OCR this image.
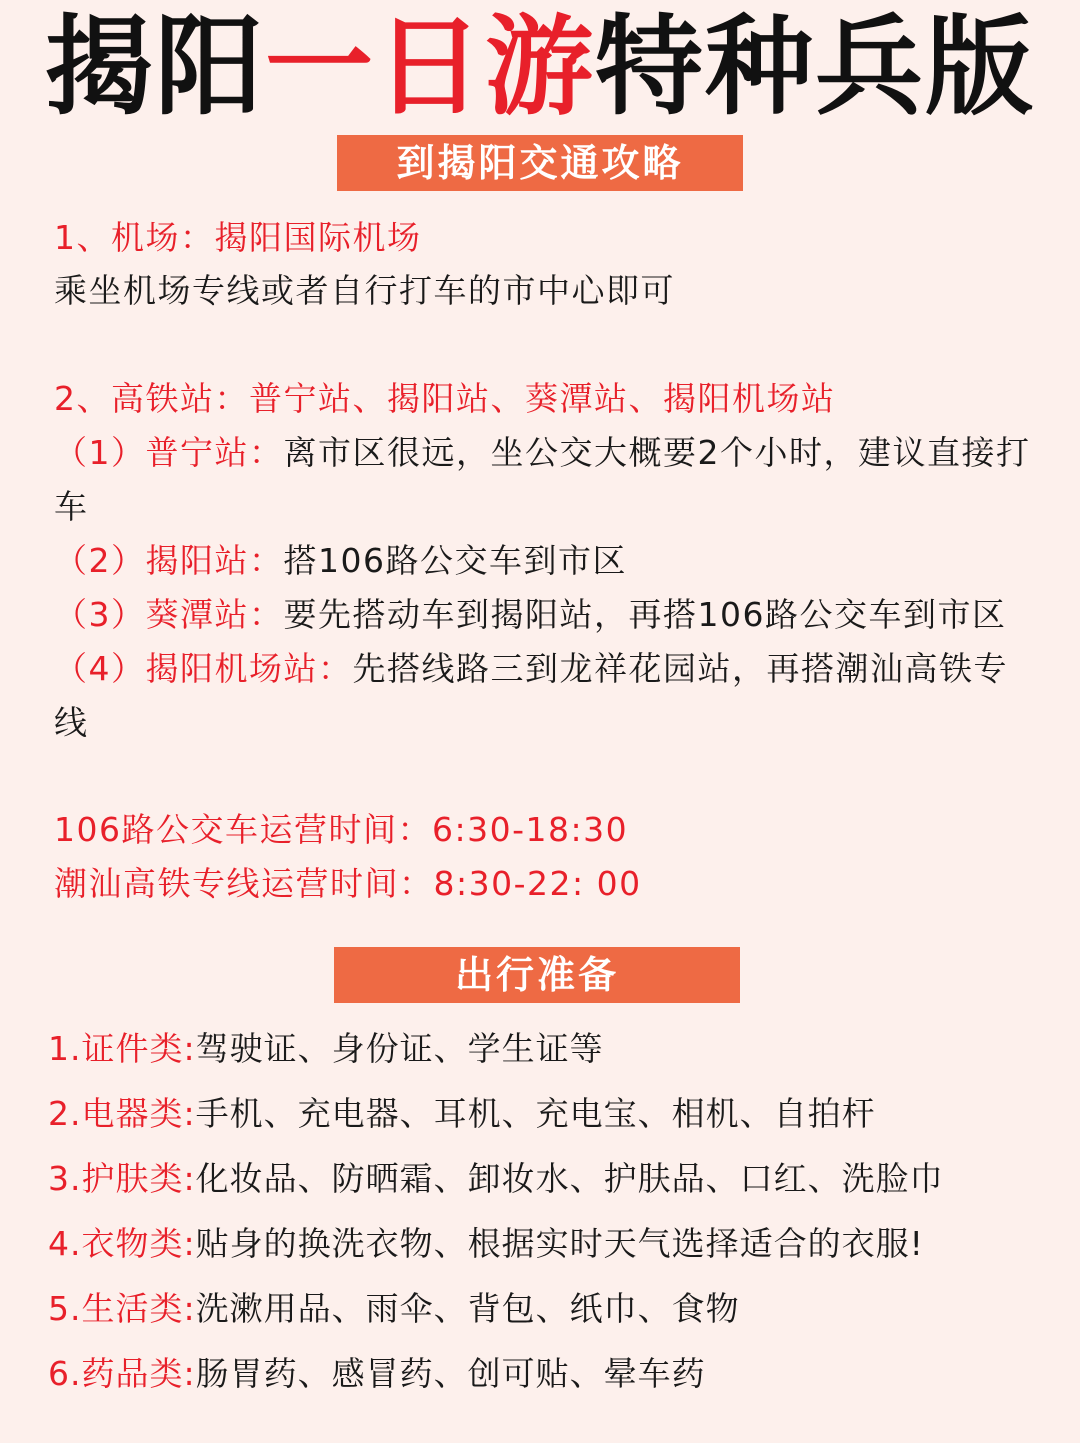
揭阳一日游特种兵版
到揭阳交通攻略
1、机场：揭阳国际机场
乘坐机场专线或者自行打车的市中心即可
2、高铁站：普宁站、揭阳站、葵潭站、揭阳机场站
（1）普宁站：离市区很远，坐公交大概要2个小时，建议直接打
车
（2）揭阳站：搭106路公交车到市区
（3）葵潭站：要先搭动车到揭阳站，再搭106路公交车到市区
（4）揭阳机场站：先搭线路三到龙祥花园站，再搭潮汕高铁专
线
106路公交车运营时间：6:30-18:30
潮汕高铁专线运营时间：8:30-22: 00
出行准备
1.证件类:驾驶证、身份证、学生证等
2.电器类:手机、充电器、耳机、充电宝、相机、自拍杆
3.护肤类:化妆品、防晒霜、卸妆水、护肤品、口红、洗脸巾
4.衣物类:贴身的换洗衣物、根据实时天气选择适合的衣服!
5.生活类:洗漱用品、雨伞、背包、纸巾、食物
6.药品类:肠胃药、感冒药、创可贴、晕车药
